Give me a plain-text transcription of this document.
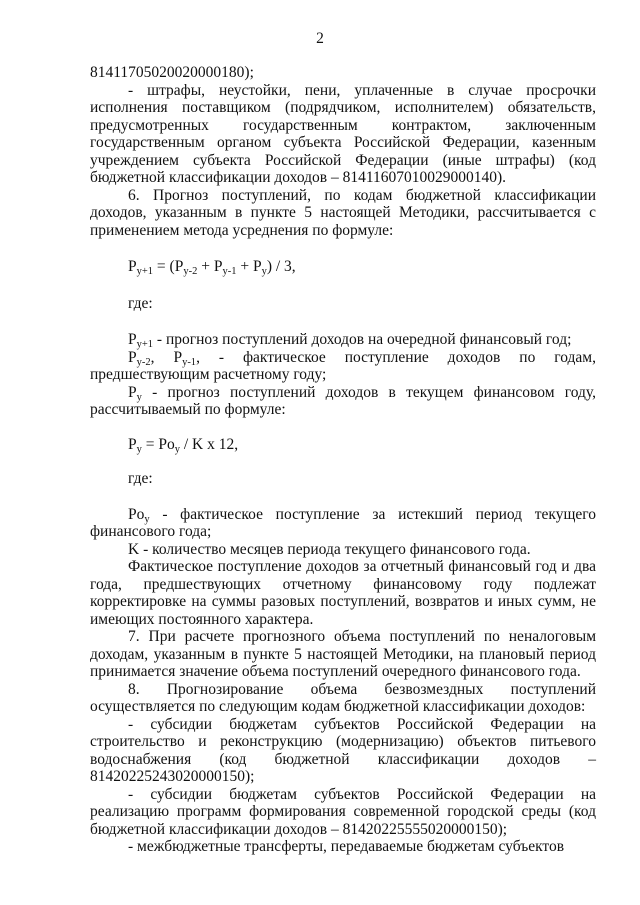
2

81411705020020000180);

- штрафы, неустойки, пени, уплаченные в случае просрочки исполнения поставщиком (подрядчиком, исполнителем) обязательств, предусмотренных государственным контрактом, заключенным государственным органом субъекта Российской Федерации, казенным учреждением субъекта Российской Федерации (иные штрафы) (код бюджетной классификации доходов – 81411607010029000140).

6. Прогноз поступлений, по кодам бюджетной классификации доходов, указанным в пункте 5 настоящей Методики, рассчитывается с применением метода усреднения по формуле:

$P_{y+1} = (P_{y-2} + P_{y-1} + P_y) / 3$,

где:

$P_{y+1}$ - прогноз поступлений доходов на очередной финансовый год;

$P_{y-2}$, $P_{y-1}$, - фактическое поступление доходов по годам, предшествующим расчетному году;

$P_y$ - прогноз поступлений доходов в текущем финансовом году, рассчитываемый по формуле:

$P_y = Po_y / K$ x 12,

где:

$Po_y$ - фактическое поступление за истекший период текущего финансового года;

K - количество месяцев периода текущего финансового года.

Фактическое поступление доходов за отчетный финансовый год и два года, предшествующих отчетному финансовому году подлежат корректировке на суммы разовых поступлений, возвратов и иных сумм, не имеющих постоянного характера.

7. При расчете прогнозного объема поступлений по неналоговым доходам, указанным в пункте 5 настоящей Методики, на плановый период принимается значение объема поступлений очередного финансового года.

8. Прогнозирование объема безвозмездных поступлений осуществляется по следующим кодам бюджетной классификации доходов:

- субсидии бюджетам субъектов Российской Федерации на строительство и реконструкцию (модернизацию) объектов питьевого водоснабжения (код бюджетной классификации доходов – 81420225243020000150);

- субсидии бюджетам субъектов Российской Федерации на реализацию программ формирования современной городской среды (код бюджетной классификации доходов – 81420225555020000150);

- межбюджетные трансферты, передаваемые бюджетам субъектов
